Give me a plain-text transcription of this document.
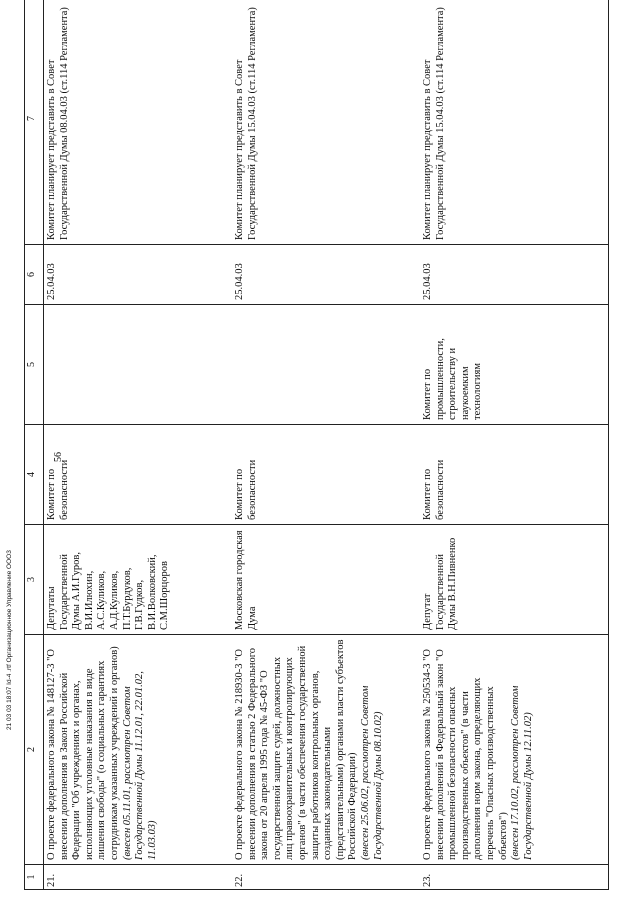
56
21 03 03 18:07 Id-4 .rtf Организационное Управление ООО3
1	2	3	4	5	6	7
21.	О проекте федерального закона № 148127-3 "О внесении дополнения в Закон Российской Федерации "Об учреждениях и органах, исполняющих уголовные наказания в виде лишения свободы" (о социальных гарантиях сотрудникам указанных учреждений и органов) (внесен 05.11.01, рассмотрен Советом Государственной Думы 11.12.01, 22.01.02, 11.03.03)	Депутаты Государственной Думы А.И.Гуров, В.И.Илюхин, А.С.Куликов, А.Д.Куликов, П.Т.Бурдуков, Г.В.Гудков, В.И.Волковский, С.М.Шорцоров	Комитет по безопасности		25.04.03	Комитет планирует представить в Совет Государственной Думы 08.04.03 (ст.114 Регламента)
22.	О проекте федерального закона № 218930-3 "О внесении дополнения в статью 2 Федерального закона от 20 апреля 1995 года № 45-ФЗ "О государственной защите судей, должностных лиц правоохранительных и контролирующих органов" (в части обеспечения государственной защиты работников контрольных органов, созданных законодательными (представительными) органами власти субъектов Российской Федерации) (внесен 25.06.02, рассмотрен Советом Государственной Думы 08.10.02)	Московская городская Дума	Комитет по безопасности		25.04.03	Комитет планирует представить в Совет Государственной Думы 15.04.03 (ст.114 Регламента)
23.	О проекте федерального закона № 250534-3 "О внесении дополнений в Федеральный закон "О промышленной безопасности опасных производственных объектов" (в части дополнения норм закона, определяющих перечень "Опасных производственных объектов") (внесен 17.10.02, рассмотрен Советом Государственной Думы 12.11.02)	Депутат Государственной Думы В.Н.Пивненко	Комитет по безопасности	Комитет по промышленности, строительству и наукоемким технологиям	25.04.03	Комитет планирует представить в Совет Государственной Думы 15.04.03 (ст.114 Регламента)
